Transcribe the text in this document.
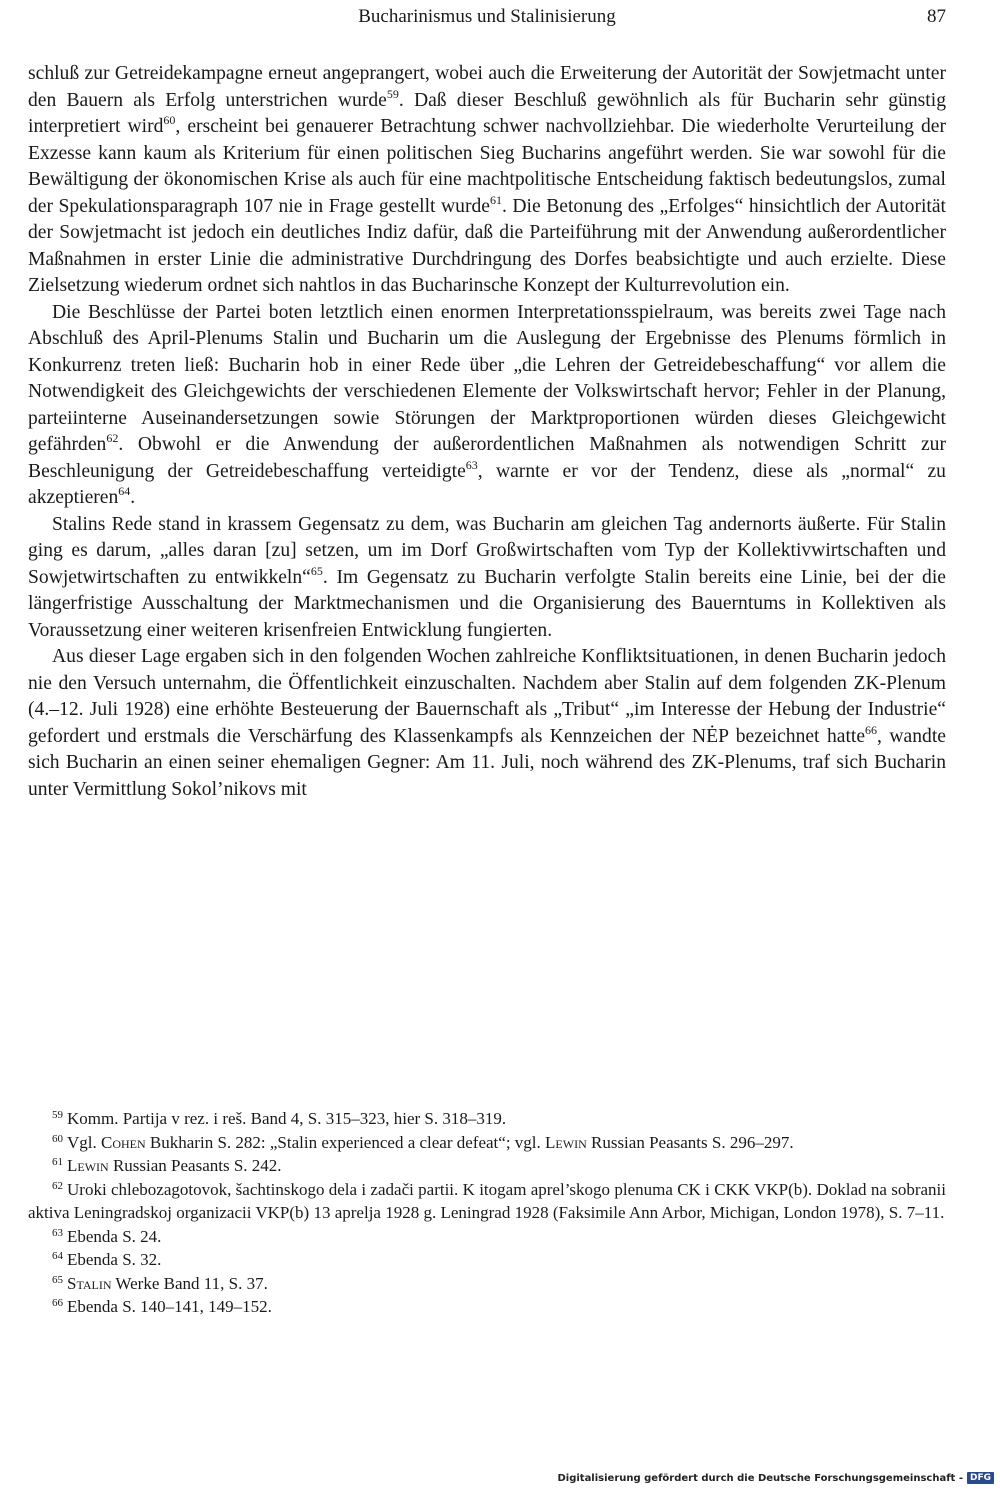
Bucharinismus und Stalinisierung	87

schluß zur Getreidekampagne erneut angeprangert, wobei auch die Erweiterung der Autorität der Sowjetmacht unter den Bauern als Erfolg unterstrichen wurde$^{59}$. Daß dieser Beschluß gewöhnlich als für Bucharin sehr günstig interpretiert wird$^{60}$, erscheint bei genauerer Betrachtung schwer nachvollziehbar. Die wiederholte Verurteilung der Exzesse kann kaum als Kriterium für einen politischen Sieg Bucharins angeführt werden. Sie war sowohl für die Bewältigung der ökonomischen Krise als auch für eine machtpolitische Entscheidung faktisch bedeutungslos, zumal der Spekulationsparagraph 107 nie in Frage gestellt wurde$^{61}$. Die Betonung des „Erfolges“ hinsichtlich der Autorität der Sowjetmacht ist jedoch ein deutliches Indiz dafür, daß die Parteiführung mit der Anwendung außerordentlicher Maßnahmen in erster Linie die administrative Durchdringung des Dorfes beabsichtigte und auch erzielte. Diese Zielsetzung wiederum ordnet sich nahtlos in das Bucharinsche Konzept der Kulturrevolution ein.

Die Beschlüsse der Partei boten letztlich einen enormen Interpretationsspielraum, was bereits zwei Tage nach Abschluß des April-Plenums Stalin und Bucharin um die Auslegung der Ergebnisse des Plenums förmlich in Konkurrenz treten ließ: Bucharin hob in einer Rede über „die Lehren der Getreidebeschaffung“ vor allem die Notwendigkeit des Gleichgewichts der verschiedenen Elemente der Volkswirtschaft hervor; Fehler in der Planung, parteiinterne Auseinandersetzungen sowie Störungen der Marktproportionen würden dieses Gleichgewicht gefährden$^{62}$. Obwohl er die Anwendung der außerordentlichen Maßnahmen als notwendigen Schritt zur Beschleunigung der Getreidebeschaffung verteidigte$^{63}$, warnte er vor der Tendenz, diese als „normal“ zu akzeptieren$^{64}$.

Stalins Rede stand in krassem Gegensatz zu dem, was Bucharin am gleichen Tag andernorts äußerte. Für Stalin ging es darum, „alles daran [zu] setzen, um im Dorf Großwirtschaften vom Typ der Kollektivwirtschaften und Sowjetwirtschaften zu entwikkeln“$^{65}$. Im Gegensatz zu Bucharin verfolgte Stalin bereits eine Linie, bei der die längerfristige Ausschaltung der Marktmechanismen und die Organisierung des Bauerntums in Kollektiven als Voraussetzung einer weiteren krisenfreien Entwicklung fungierten.

Aus dieser Lage ergaben sich in den folgenden Wochen zahlreiche Konfliktsituationen, in denen Bucharin jedoch nie den Versuch unternahm, die Öffentlichkeit einzuschalten. Nachdem aber Stalin auf dem folgenden ZK-Plenum (4.–12. Juli 1928) eine erhöhte Besteuerung der Bauernschaft als „Tribut“ „im Interesse der Hebung der Industrie“ gefordert und erstmals die Verschärfung des Klassenkampfs als Kennzeichen der NĖP bezeichnet hatte$^{66}$, wandte sich Bucharin an einen seiner ehemaligen Gegner: Am 11. Juli, noch während des ZK-Plenums, traf sich Bucharin unter Vermittlung Sokol’nikovs mit

$^{59}$ Komm. Partija v rez. i reš. Band 4, S. 315–323, hier S. 318–319.
$^{60}$ Vgl. Cohen Bukharin S. 282: „Stalin experienced a clear defeat“; vgl. Lewin Russian Peasants S. 296–297.
$^{61}$ Lewin Russian Peasants S. 242.
$^{62}$ Uroki chlebozagotovok, šachtinskogo dela i zadači partii. K itogam aprel’skogo plenuma CK i CKK VKP(b). Doklad na sobranii aktiva Leningradskoj organizacii VKP(b) 13 aprelja 1928 g. Leningrad 1928 (Faksimile Ann Arbor, Michigan, London 1978), S. 7–11.
$^{63}$ Ebenda S. 24.
$^{64}$ Ebenda S. 32.
$^{65}$ Stalin Werke Band 11, S. 37.
$^{66}$ Ebenda S. 140–141, 149–152.
Digitalisierung gefördert durch die Deutsche Forschungsgemeinschaft - DFG
